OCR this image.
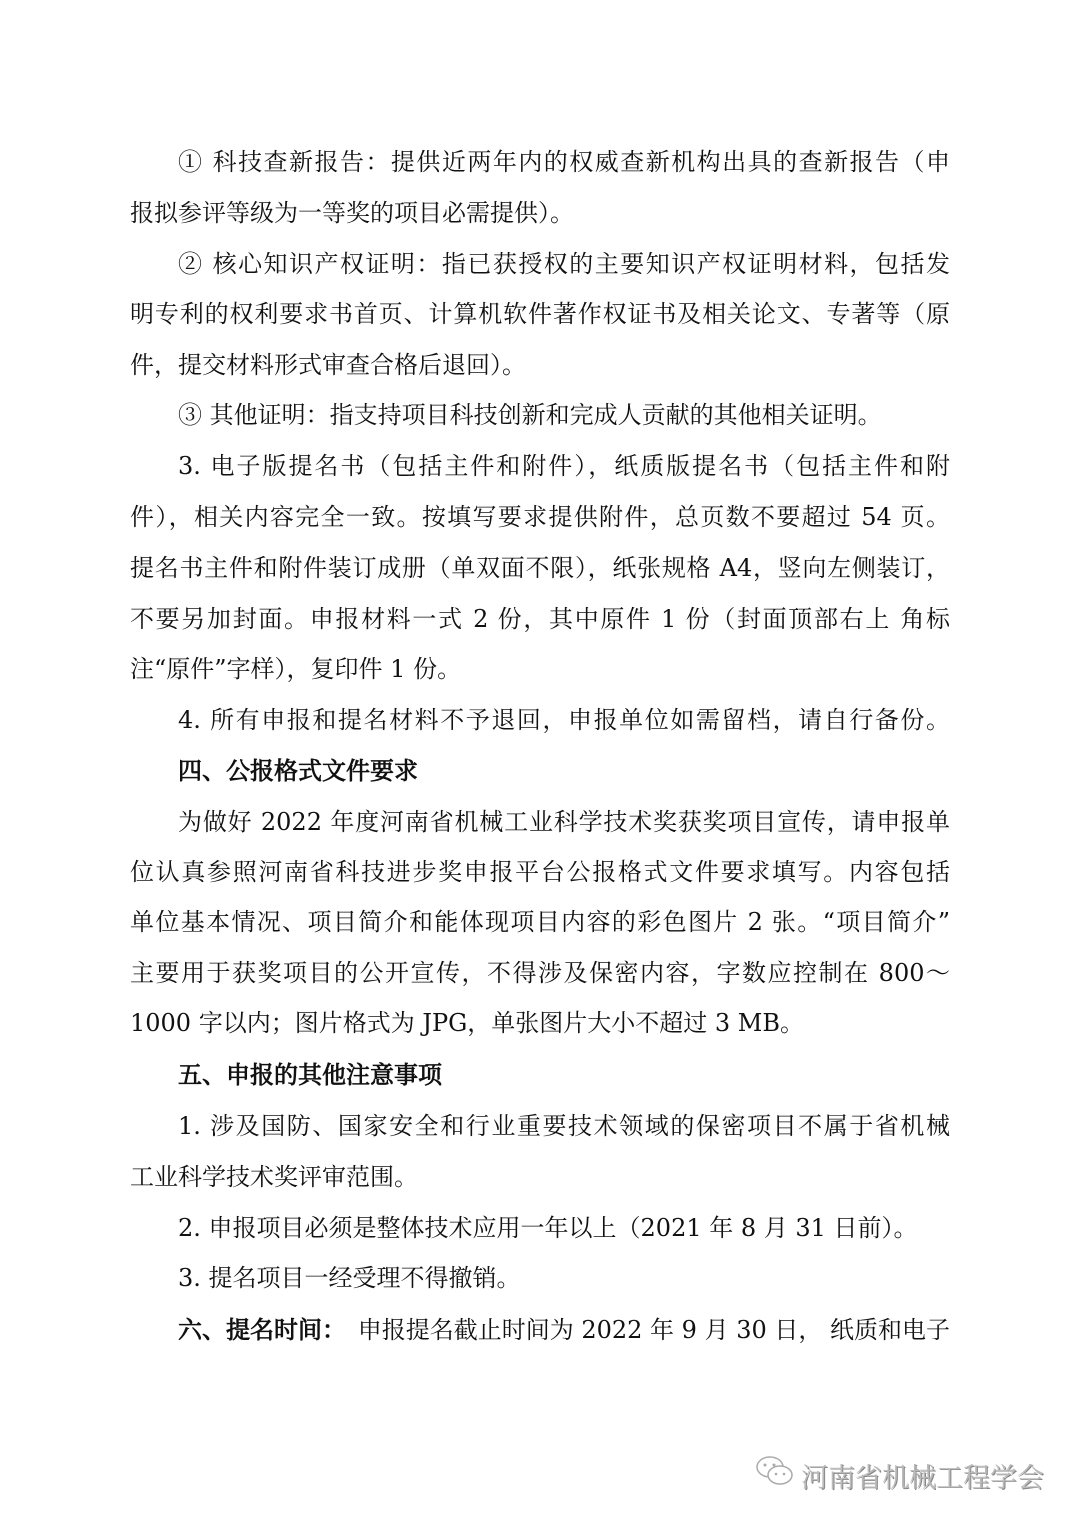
① 科技查新报告：提供近两年内的权威查新机构出具的查新报告（申
报拟参评等级为一等奖的项目必需提供）。
② 核心知识产权证明：指已获授权的主要知识产权证明材料，包括发
明专利的权利要求书首页、计算机软件著作权证书及相关论文、专著等（原
件，提交材料形式审查合格后退回）。
③ 其他证明：指支持项目科技创新和完成人贡献的其他相关证明。
3. 电子版提名书（包括主件和附件），纸质版提名书（包括主件和附
件），相关内容完全一致。按填写要求提供附件，总页数不要超过 54 页。
提名书主件和附件装订成册（单双面不限），纸张规格 A4，竖向左侧装订，
不要另加封面。申报材料一式 2 份，其中原件 1 份（封面顶部右上 角标
注“原件”字样），复印件 1 份。
4. 所有申报和提名材料不予退回，申报单位如需留档，请自行备份。
四、公报格式文件要求
为做好 2022 年度河南省机械工业科学技术奖获奖项目宣传，请申报单
位认真参照河南省科技进步奖申报平台公报格式文件要求填写。内容包括
单位基本情况、项目简介和能体现项目内容的彩色图片 2 张。“项目简介”
主要用于获奖项目的公开宣传，不得涉及保密内容，字数应控制在 800～
1000 字以内；图片格式为 JPG，单张图片大小不超过 3 MB。
五、申报的其他注意事项
1. 涉及国防、国家安全和行业重要技术领域的保密项目不属于省机械
工业科学技术奖评审范围。
2. 申报项目必须是整体技术应用一年以上（2021 年 8 月 31 日前）。
3. 提名项目一经受理不得撤销。
六、提名时间： 申报提名截止时间为 2022 年 9 月 30 日， 纸质和电子
河南省机械工程学会
